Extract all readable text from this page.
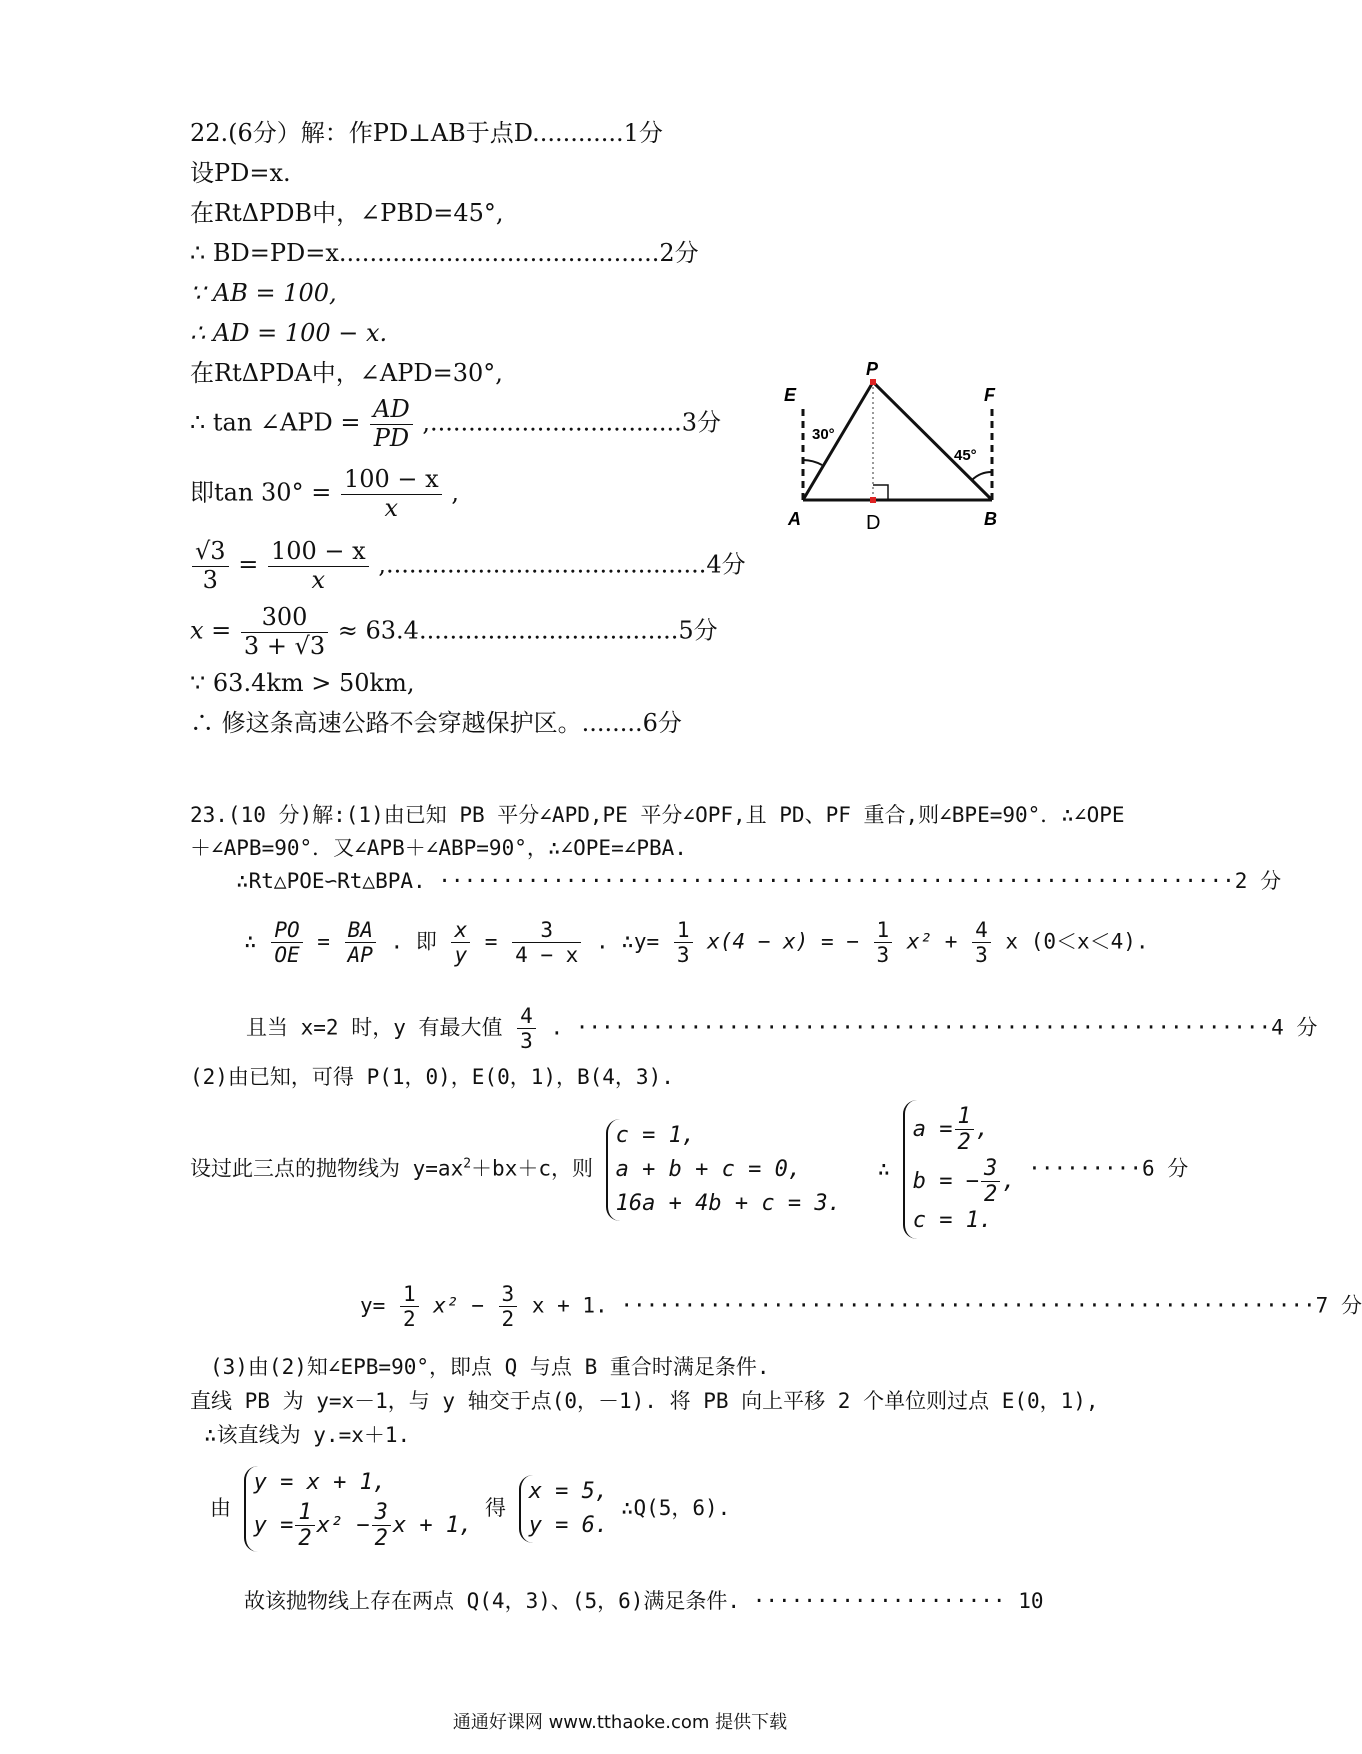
22.(6分）解：作PD⊥AB于点D............1分
设PD=x.
在RtΔPDB中，∠PBD=45°,
∴ BD=PD=x..........................................2分
∵ AB = 100,
∴ AD = 100 − x.
在RtΔPDA中，∠APD=30°,
∴ tan ∠APD = $\frac{AD}{PD} ,.................................3$分
即$\tan 30^\circ = \frac{100 - x}{x}$ ,
$\frac{√3}{3} = \frac{100 - x}{x} ,..........................................4$分
$x = \frac{300}{3 + √3} \approx 63.4..................................5$分
∵ 63.4km > 50km,
∴ 修这条高速公路不会穿越保护区。........6分
P
E	F
A	B
D
30°
45°
23.(10 分)解:(1)由已知 PB 平分∠APD,PE 平分∠OPF,且 PD、PF 重合,则∠BPE=90°．∴∠OPE
＋∠APB=90°．又∠APB＋∠ABP=90°，∴∠OPE=∠PBA.
∴Rt△POE∽Rt△BPA. ·······························································2 分
∴ $\frac{PO}{OE} = \frac{BA}{AP}$ . 即 $\frac{x}{y} = \frac{3}{4 - x}$ . ∴y= $\frac{1}{3} x(4 - x)$ = − $\frac{1}{3} x^2 + \frac{4}{3}$ x (0＜x＜4).
且当 x=2 时，y 有最大值 $\frac{4}{3}$ . ·······················································4 分
(2)由已知，可得 P(1，0)，E(0，1)，B(4，3).
设过此三点的抛物线为 $y=ax^2+bx+c$，则
c = 1,
a + b + c = 0,
16a + 4b + c = 3.
∴
$a = \frac{1}{2}$ ,
b = − $\frac{3}{2}$ ,
c = 1.
·········6 分
$y= \frac{1}{2} x^2 - \frac{3}{2}$ x + 1. ·······················································7 分
(3)由(2)知∠EPB=90°，即点 Q 与点 B 重合时满足条件.
直线 PB 为 y=x－1，与 y 轴交于点(0，－1). 将 PB 向上平移 2 个单位则过点 E(0，1),
∴该直线为 y.=x＋1.
由
y = x + 1,
$y = \frac{1}{2} x^2 - \frac{3}{2}$ x + 1,
得
x = 5,
y = 6.
∴Q(5，6).
故该抛物线上存在两点 Q(4，3)、(5，6)满足条件. ···················· 10
通通好课网 www.tthaoke.com 提供下载
